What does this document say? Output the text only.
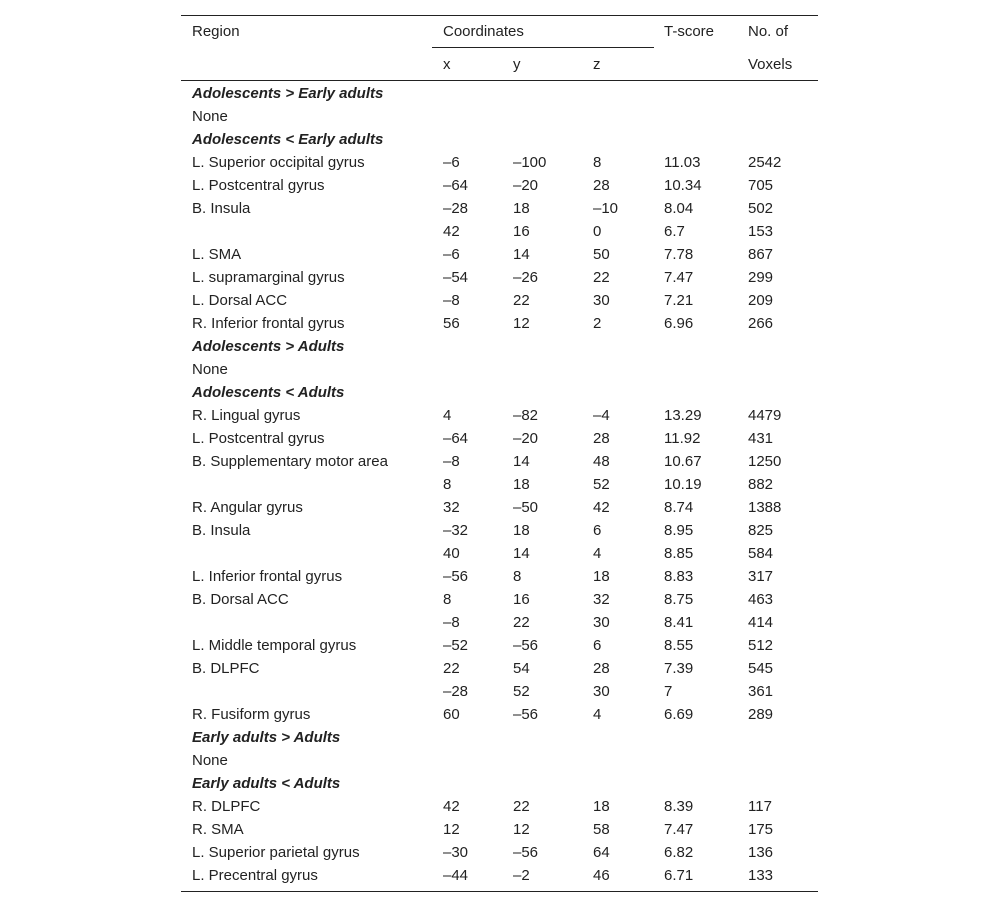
Region	Coordinates	T-score No. of
x	y	z	Voxels
Adolescents > Early adults
None
Adolescents < Early adults
L. Superior occipital gyrus	–6	–100	8	11.03	2542
L. Postcentral gyrus	–64	–20	28	10.34	705
B. Insula	–28	18	–10	8.04	502
42	16	0	6.7	153
L. SMA	–6	14	50	7.78	867
L. supramarginal gyrus	–54	–26	22	7.47	299
L. Dorsal ACC	–8	22	30	7.21	209
R. Inferior frontal gyrus	56	12	2	6.96	266
Adolescents > Adults
None
Adolescents < Adults
R. Lingual gyrus	4	–82	–4	13.29	4479
L. Postcentral gyrus	–64	–20	28	11.92	431
B. Supplementary motor area	–8	14	48	10.67	1250
8	18	52	10.19	882
R. Angular gyrus	32	–50	42	8.74	1388
B. Insula	–32	18	6	8.95	825
40	14	4	8.85	584
L. Inferior frontal gyrus	–56	8	18	8.83	317
B. Dorsal ACC	8	16	32	8.75	463
–8	22	30	8.41	414
L. Middle temporal gyrus	–52	–56	6	8.55	512
B. DLPFC	22	54	28	7.39	545
–28	52	30	7	361
R. Fusiform gyrus	60	–56	4	6.69	289
Early adults > Adults
None
Early adults < Adults
R. DLPFC	42	22	18	8.39	117
R. SMA	12	12	58	7.47	175
L. Superior parietal gyrus	–30	–56	64	6.82	136
L. Precentral gyrus	–44	–2	46	6.71	133
